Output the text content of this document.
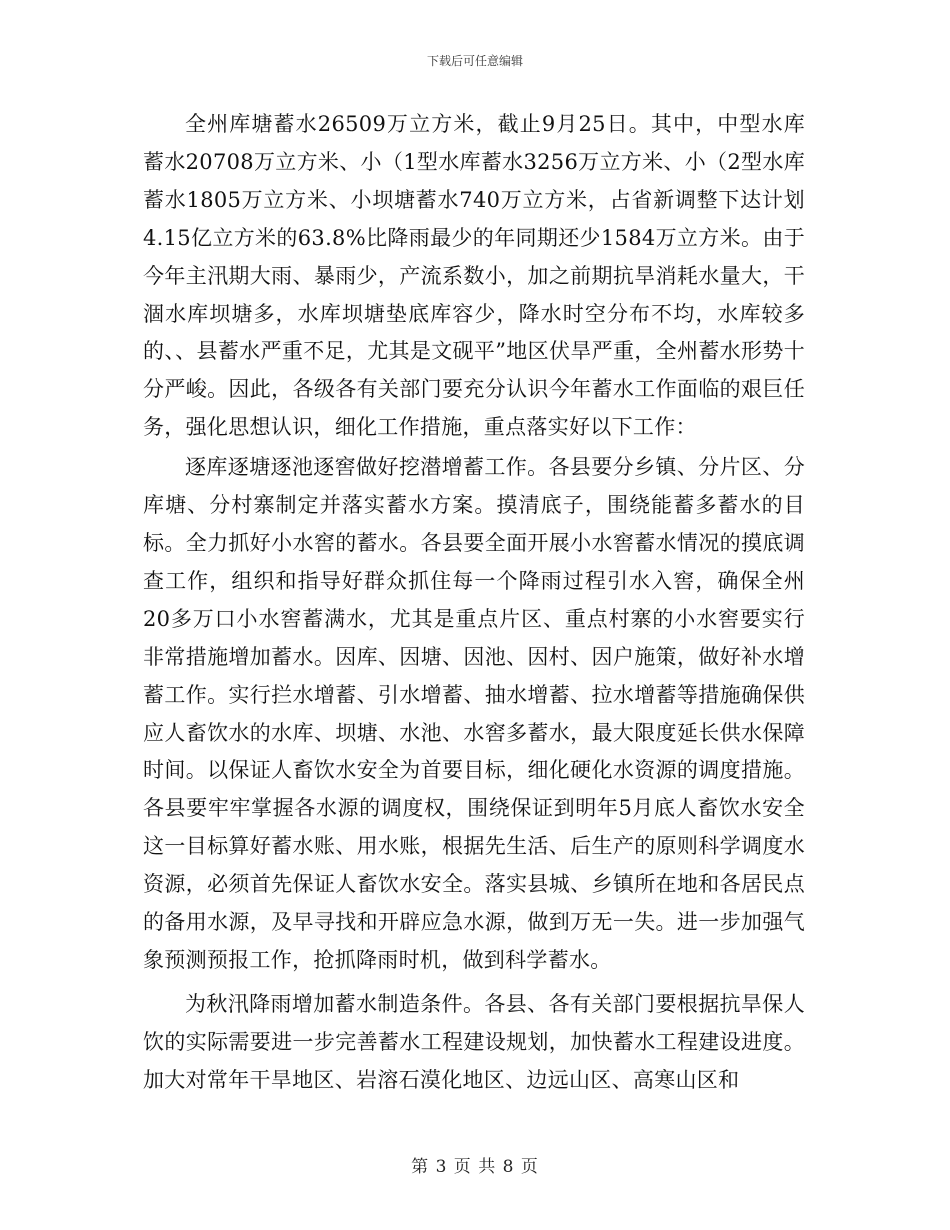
下载后可任意编辑

全州库塘蓄水26509万立方米，截止9月25日。其中，中型水库蓄水20708万立方米、小（1型水库蓄水3256万立方米、小（2型水库蓄水1805万立方米、小坝塘蓄水740万立方米，占省新调整下达计划4.15亿立方米的63.8%比降雨最少的年同期还少1584万立方米。由于今年主汛期大雨、暴雨少，产流系数小，加之前期抗旱消耗水量大，干涸水库坝塘多，水库坝塘垫底库容少，降水时空分布不均，水库较多的、、县蓄水严重不足，尤其是文砚平”地区伏旱严重，全州蓄水形势十分严峻。因此，各级各有关部门要充分认识今年蓄水工作面临的艰巨任务，强化思想认识，细化工作措施，重点落实好以下工作：

逐库逐塘逐池逐窖做好挖潜增蓄工作。各县要分乡镇、分片区、分库塘、分村寨制定并落实蓄水方案。摸清底子，围绕能蓄多蓄水的目标。全力抓好小水窖的蓄水。各县要全面开展小水窖蓄水情况的摸底调查工作，组织和指导好群众抓住每一个降雨过程引水入窖，确保全州20多万口小水窖蓄满水，尤其是重点片区、重点村寨的小水窖要实行非常措施增加蓄水。因库、因塘、因池、因村、因户施策，做好补水增蓄工作。实行拦水增蓄、引水增蓄、抽水增蓄、拉水增蓄等措施确保供应人畜饮水的水库、坝塘、水池、水窖多蓄水，最大限度延长供水保障时间。以保证人畜饮水安全为首要目标，细化硬化水资源的调度措施。各县要牢牢掌握各水源的调度权，围绕保证到明年5月底人畜饮水安全这一目标算好蓄水账、用水账，根据先生活、后生产的原则科学调度水资源，必须首先保证人畜饮水安全。落实县城、乡镇所在地和各居民点的备用水源，及早寻找和开辟应急水源，做到万无一失。进一步加强气象预测预报工作，抢抓降雨时机，做到科学蓄水。

为秋汛降雨增加蓄水制造条件。各县、各有关部门要根据抗旱保人饮的实际需要进一步完善蓄水工程建设规划，加快蓄水工程建设进度。加大对常年干旱地区、岩溶石漠化地区、边远山区、高寒山区和

第 3 页 共 8 页
